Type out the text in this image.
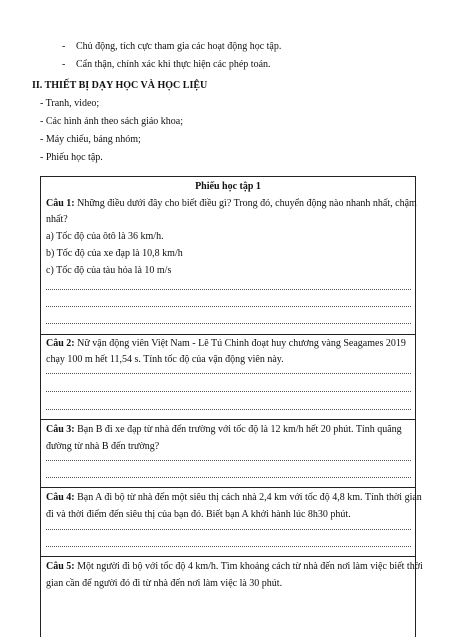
- Chủ động, tích cực tham gia các hoạt động học tập.
- Cẩn thận, chính xác khi thực hiện các phép toán.
II. THIẾT BỊ DẠY HỌC VÀ HỌC LIỆU
- Tranh, video;
- Các hình ảnh theo sách giáo khoa;
- Máy chiếu, bảng nhóm;
- Phiếu học tập.
Phiếu học tập 1
Câu 1: Những điều dưới đây cho biết điều gì? Trong đó, chuyển động nào nhanh nhất, chậm
nhất?
a) Tốc độ của ôtô là 36 km/h.
b) Tốc độ của xe đạp là 10,8 km/h
c) Tốc độ của tàu hỏa là 10 m/s
Câu 2: Nữ vận động viên Việt Nam - Lê Tú Chinh đoạt huy chương vàng Seagames 2019
chạy 100 m hết 11,54 s. Tính tốc độ của vận động viên này.
Câu 3: Bạn B đi xe đạp từ nhà đến trường với tốc độ là 12 km/h hết 20 phút. Tính quãng
đường từ nhà B đến trường?
Câu 4: Bạn A đi bộ từ nhà đến một siêu thị cách nhà 2,4 km với tốc độ 4,8 km. Tính thời gian
đi và thời điểm đến siêu thị của bạn đó. Biết bạn A khởi hành lúc 8h30 phút.
Câu 5: Một người đi bộ với tốc độ 4 km/h. Tìm khoảng cách từ nhà đến nơi làm việc biết thời
gian cần để người đó đi từ nhà đến nơi làm việc là 30 phút.
